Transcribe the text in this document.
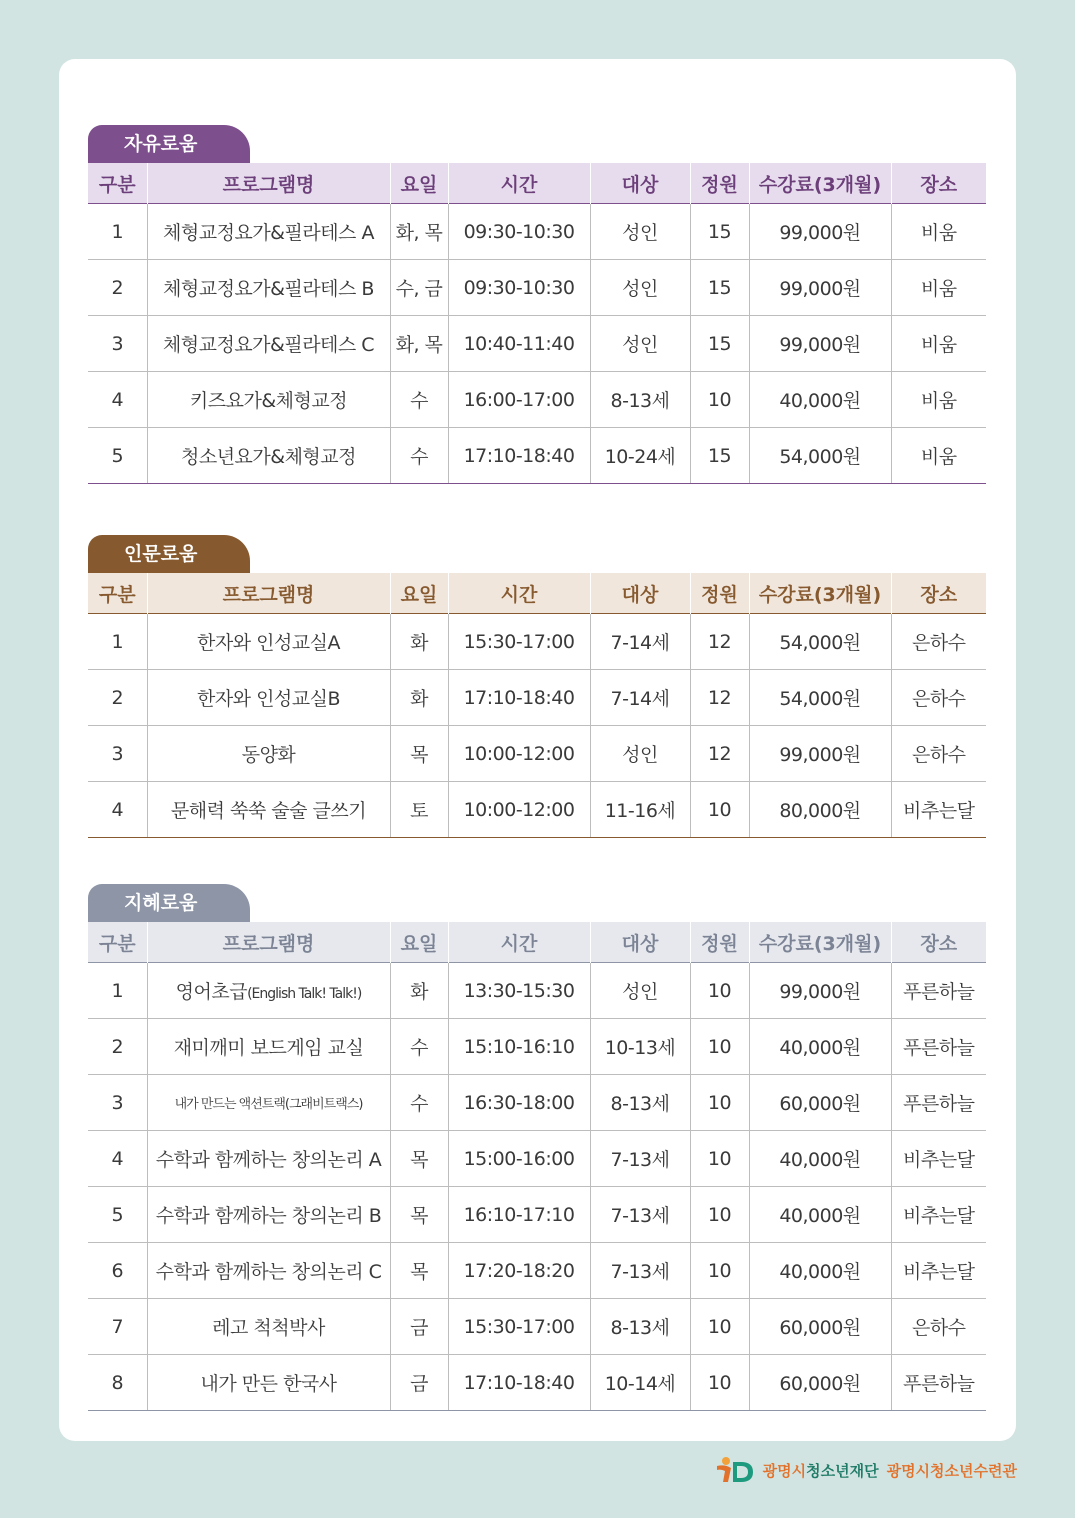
자유로움
구분	프로그램명	요일	시간	대상	정원	수강료(3개월)	장소
1	체형교정요가&필라테스 A	화, 목	09:30-10:30	성인	15	99,000원	비움
2	체형교정요가&필라테스 B	수, 금	09:30-10:30	성인	15	99,000원	비움
3	체형교정요가&필라테스 C	화, 목	10:40-11:40	성인	15	99,000원	비움
4	키즈요가&체형교정	수	16:00-17:00	8-13세	10	40,000원	비움
5	청소년요가&체형교정	수	17:10-18:40	10-24세	15	54,000원	비움
인문로움
구분	프로그램명	요일	시간	대상	정원	수강료(3개월)	장소
1	한자와 인성교실A	화	15:30-17:00	7-14세	12	54,000원	은하수
2	한자와 인성교실B	화	17:10-18:40	7-14세	12	54,000원	은하수
3	동양화	목	10:00-12:00	성인	12	99,000원	은하수
4	문해력 쑥쑥 술술 글쓰기	토	10:00-12:00	11-16세	10	80,000원	비추는달
지혜로움
구분	프로그램명	요일	시간	대상	정원	수강료(3개월)	장소
1	영어초급(English Talk! Talk!)	화	13:30-15:30	성인	10	99,000원	푸른하늘
2	재미깨미 보드게임 교실	수	15:10-16:10	10-13세	10	40,000원	푸른하늘
3	내가 만드는 액션트랙(그래비트랙스)	수	16:30-18:00	8-13세	10	60,000원	푸른하늘
4	수학과 함께하는 창의논리 A	목	15:00-16:00	7-13세	10	40,000원	비추는달
5	수학과 함께하는 창의논리 B	목	16:10-17:10	7-13세	10	40,000원	비추는달
6	수학과 함께하는 창의논리 C	목	17:20-18:20	7-13세	10	40,000원	비추는달
7	레고 척척박사	금	15:30-17:00	8-13세	10	60,000원	은하수
8	내가 만든 한국사	금	17:10-18:40	10-14세	10	60,000원	푸른하늘
광명시청소년재단 광명시청소년수련관
